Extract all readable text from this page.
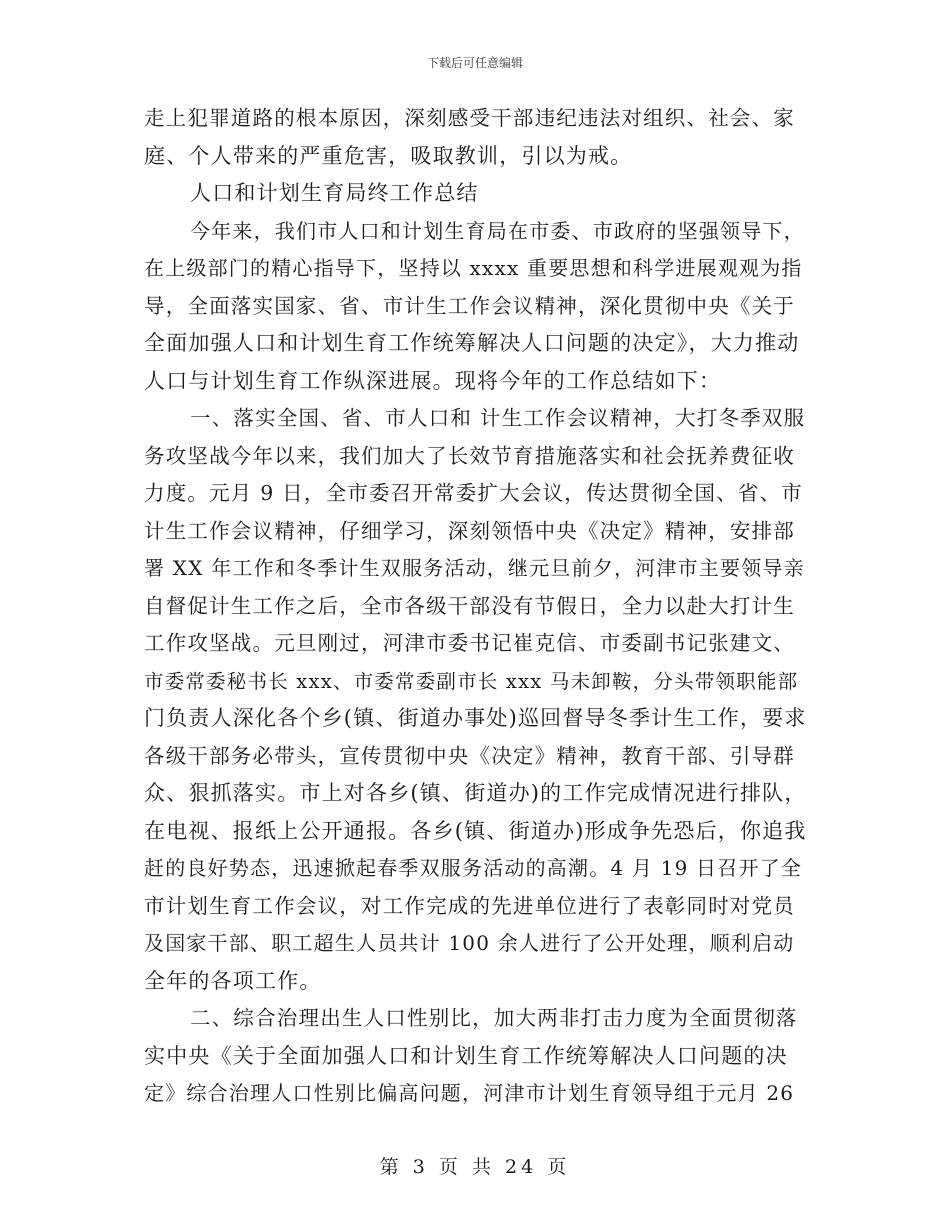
下载后可任意编辑
走上犯罪道路的根本原因，深刻感受干部违纪违法对组织、社会、家
庭、个人带来的严重危害，吸取教训，引以为戒。
人口和计划生育局终工作总结
今年来，我们市人口和计划生育局在市委、市政府的坚强领导下，
在上级部门的精心指导下，坚持以 xxxx 重要思想和科学进展观观为指
导，全面落实国家、省、市计生工作会议精神，深化贯彻中央《关于
全面加强人口和计划生育工作统筹解决人口问题的决定》，大力推动
人口与计划生育工作纵深进展。现将今年的工作总结如下：
一、落实全国、省、市人口和 计生工作会议精神，大打冬季双服
务攻坚战今年以来，我们加大了长效节育措施落实和社会抚养费征收
力度。元月 9 日，全市委召开常委扩大会议，传达贯彻全国、省、市
计生工作会议精神，仔细学习，深刻领悟中央《决定》精神，安排部
署 XX 年工作和冬季计生双服务活动，继元旦前夕，河津市主要领导亲
自督促计生工作之后，全市各级干部没有节假日，全力以赴大打计生
工作攻坚战。元旦刚过，河津市委书记崔克信、市委副书记张建文、
市委常委秘书长 xxx、市委常委副市长 xxx 马未卸鞍，分头带领职能部
门负责人深化各个乡(镇、街道办事处)巡回督导冬季计生工作，要求
各级干部务必带头，宣传贯彻中央《决定》精神，教育干部、引导群
众、狠抓落实。市上对各乡(镇、街道办)的工作完成情况进行排队，
在电视、报纸上公开通报。各乡(镇、街道办)形成争先恐后，你追我
赶的良好势态，迅速掀起春季双服务活动的高潮。4 月 19 日召开了全
市计划生育工作会议，对工作完成的先进单位进行了表彰同时对党员
及国家干部、职工超生人员共计 100 余人进行了公开处理，顺利启动
全年的各项工作。
二、综合治理出生人口性别比，加大两非打击力度为全面贯彻落
实中央《关于全面加强人口和计划生育工作统筹解决人口问题的决
定》综合治理人口性别比偏高问题，河津市计划生育领导组于元月 26
第 3 页 共 24 页
